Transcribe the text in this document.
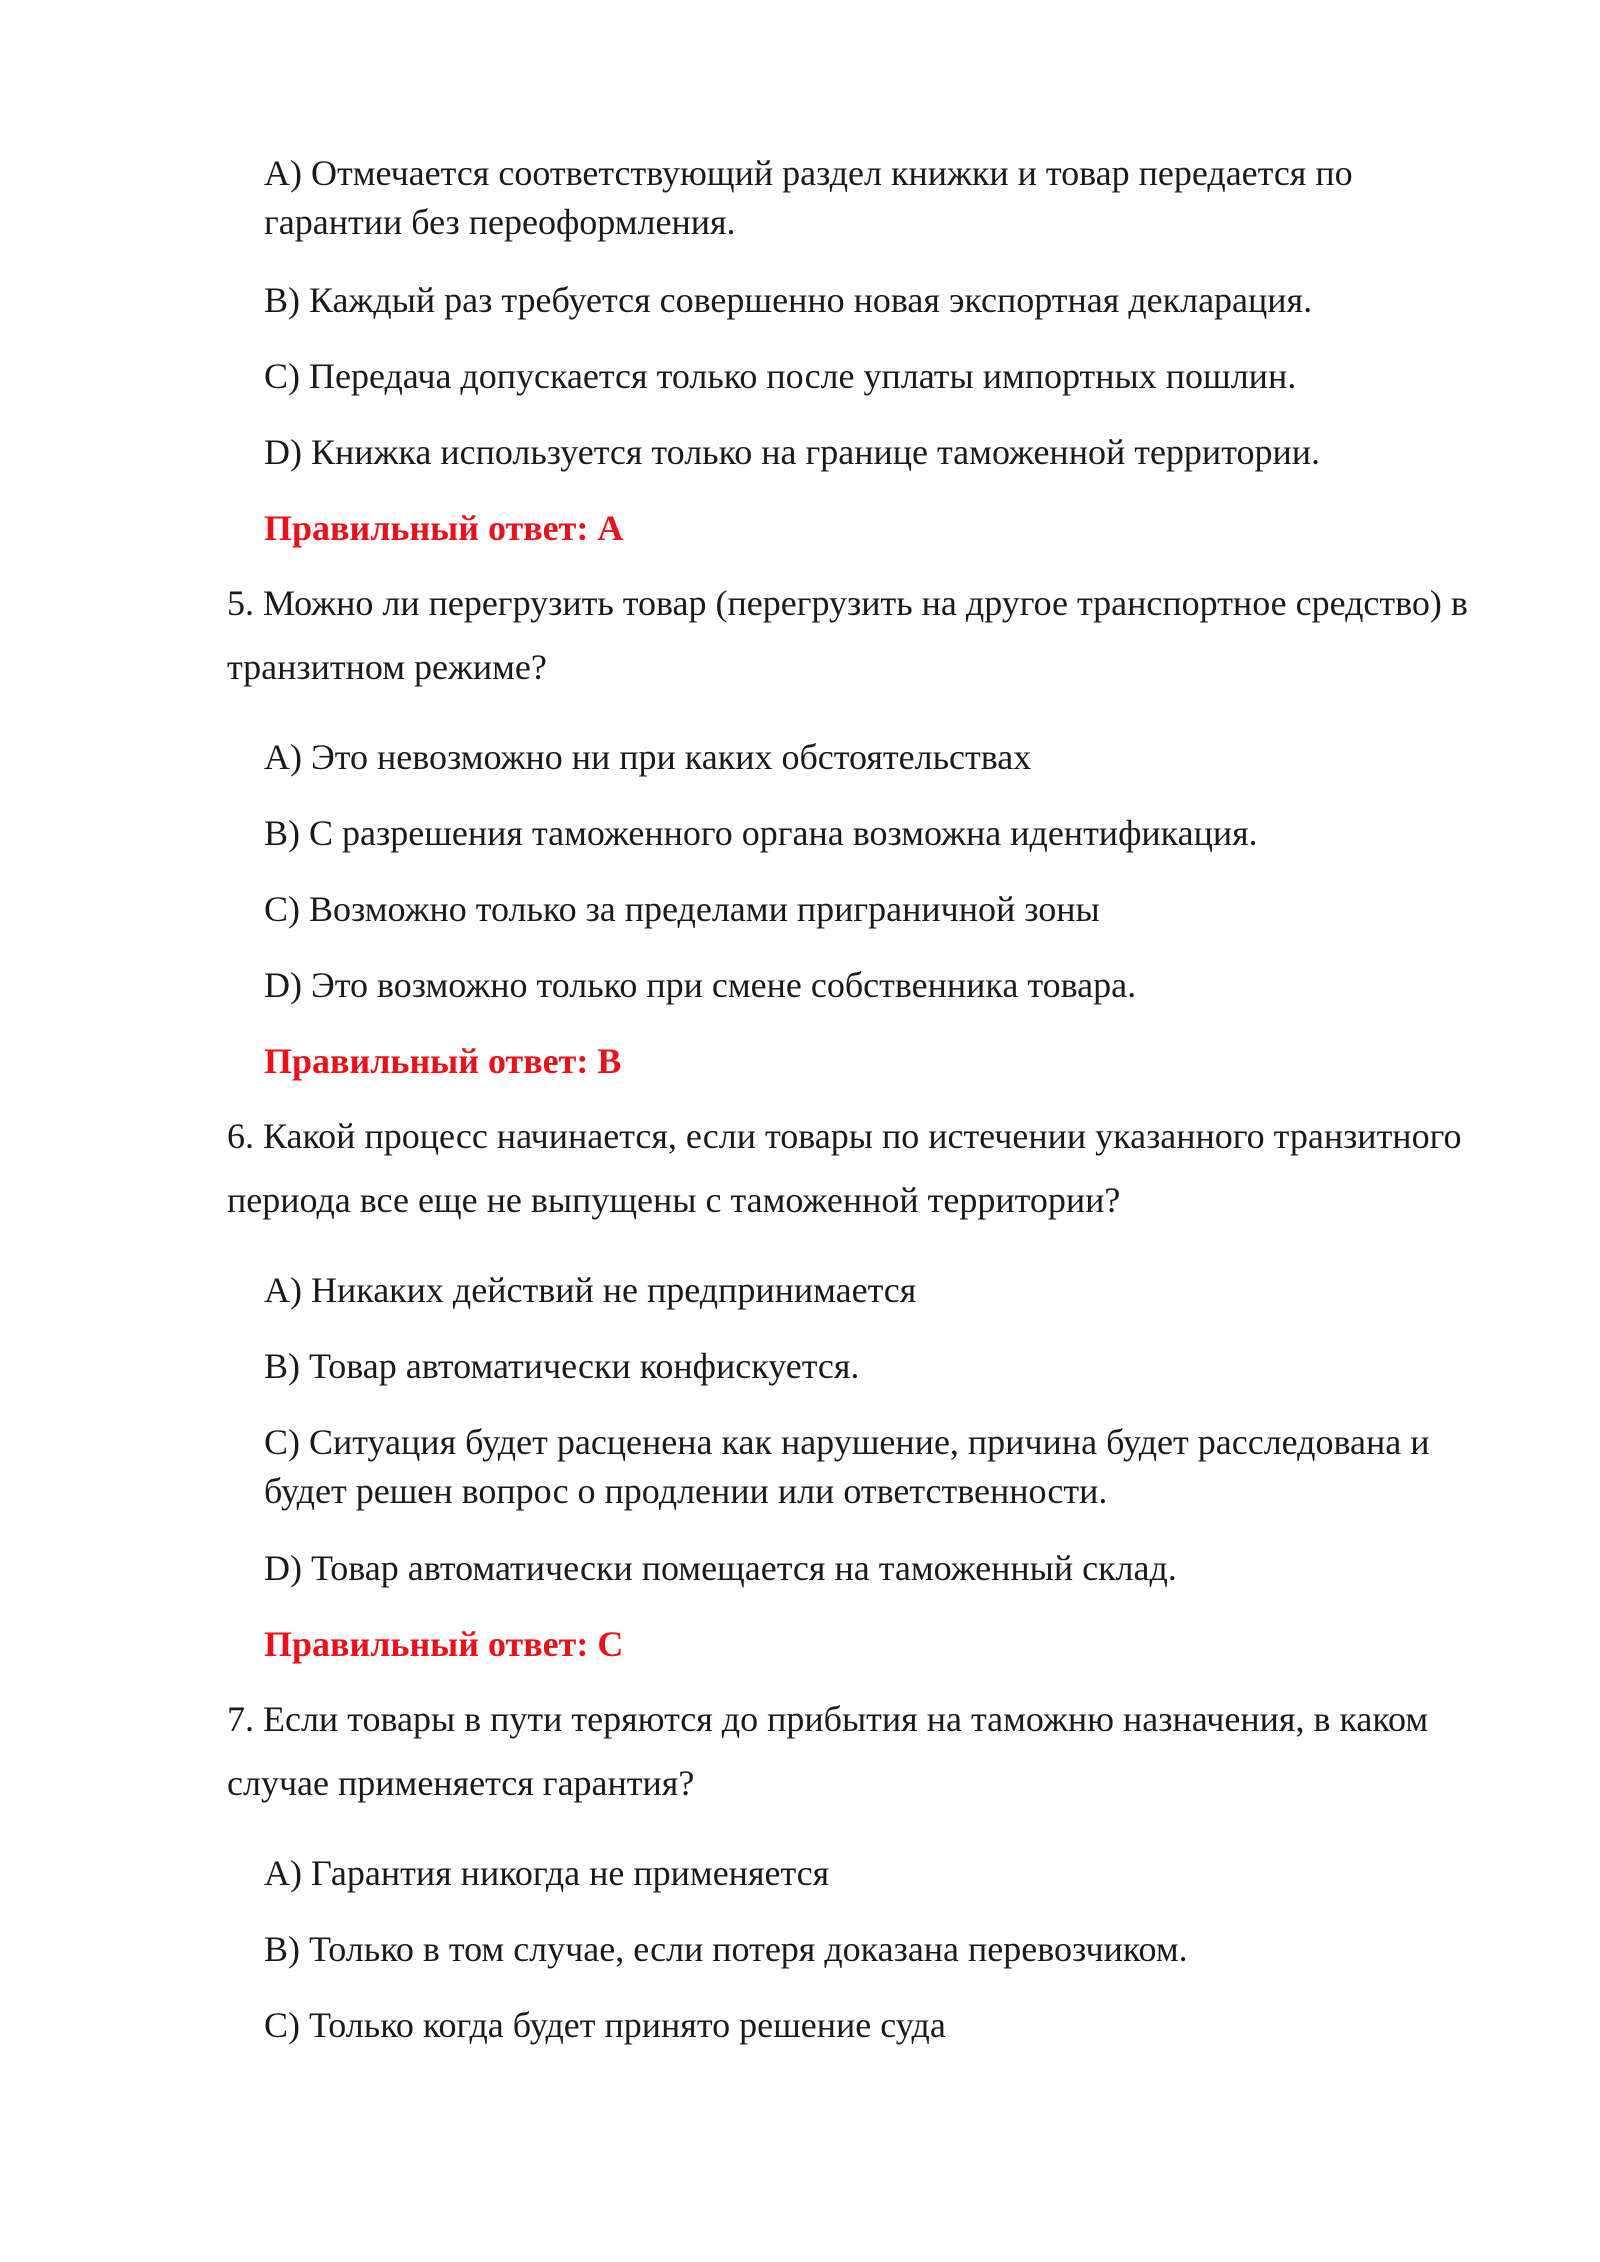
A) Отмечается соответствующий раздел книжки и товар передается по гарантии без переоформления.

B) Каждый раз требуется совершенно новая экспортная декларация.

C) Передача допускается только после уплаты импортных пошлин.

D) Книжка используется только на границе таможенной территории.

Правильный ответ: A

5. Можно ли перегрузить товар (перегрузить на другое транспортное средство) в транзитном режиме?

A) Это невозможно ни при каких обстоятельствах

B) С разрешения таможенного органа возможна идентификация.

C) Возможно только за пределами приграничной зоны

D) Это возможно только при смене собственника товара.

Правильный ответ: B

6. Какой процесс начинается, если товары по истечении указанного транзитного периода все еще не выпущены с таможенной территории?

A) Никаких действий не предпринимается

B) Товар автоматически конфискуется.

C) Ситуация будет расценена как нарушение, причина будет расследована и будет решен вопрос о продлении или ответственности.

D) Товар автоматически помещается на таможенный склад.

Правильный ответ: C

7. Если товары в пути теряются до прибытия на таможню назначения, в каком случае применяется гарантия?

A) Гарантия никогда не применяется

B) Только в том случае, если потеря доказана перевозчиком.

C) Только когда будет принято решение суда
